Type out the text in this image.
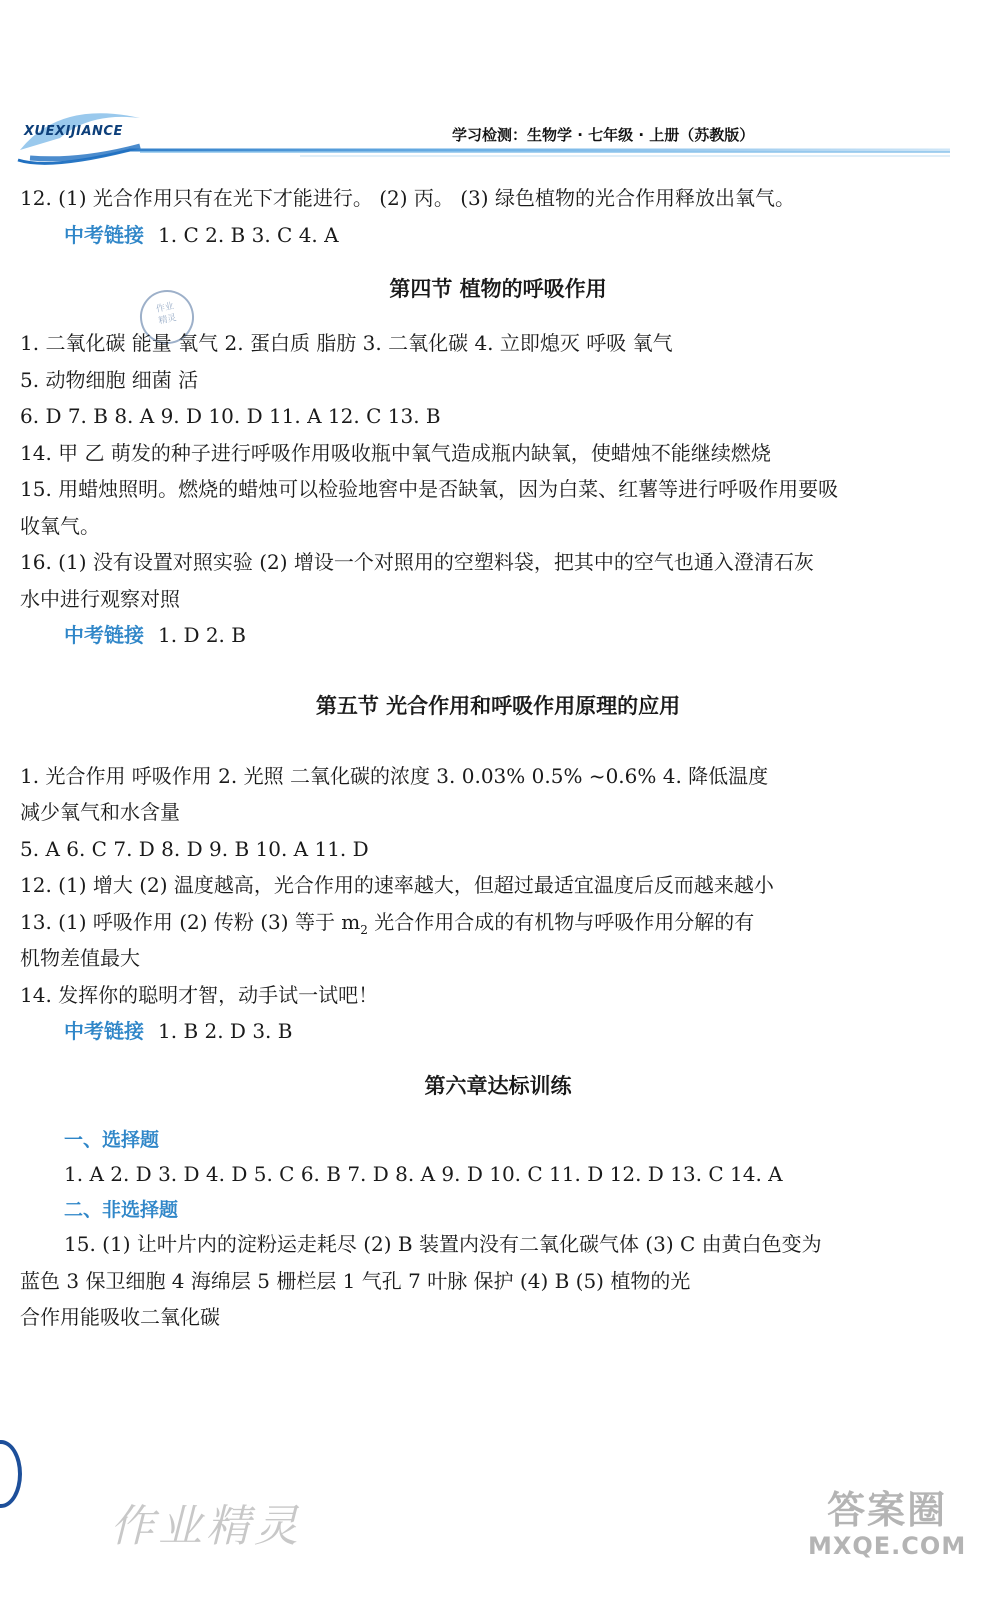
XUEXIJIANCE	学习检测：生物学 · 七年级 · 上册（苏教版）
作业
精灵
12. (1) 光合作用只有在光下才能进行。 (2) 丙。 (3) 绿色植物的光合作用释放出氧气。
中考链接 1. C 2. B 3. C 4. A
第四节 植物的呼吸作用
1. 二氧化碳 能量 氧气 2. 蛋白质 脂肪 3. 二氧化碳 4. 立即熄灭 呼吸 氧气
5. 动物细胞 细菌 活
6. D 7. B 8. A 9. D 10. D 11. A 12. C 13. B
14. 甲 乙 萌发的种子进行呼吸作用吸收瓶中氧气造成瓶内缺氧，使蜡烛不能继续燃烧
15. 用蜡烛照明。燃烧的蜡烛可以检验地窖中是否缺氧，因为白菜、红薯等进行呼吸作用要吸
收氧气。
16. (1) 没有设置对照实验 (2) 增设一个对照用的空塑料袋，把其中的空气也通入澄清石灰
水中进行观察对照
中考链接 1. D 2. B
第五节 光合作用和呼吸作用原理的应用
1. 光合作用 呼吸作用 2. 光照 二氧化碳的浓度 3. 0.03% 0.5% ~0.6% 4. 降低温度
减少氧气和水含量
5. A 6. C 7. D 8. D 9. B 10. A 11. D
12. (1) 增大 (2) 温度越高，光合作用的速率越大，但超过最适宜温度后反而越来越小
13. (1) 呼吸作用 (2) 传粉 (3) 等于 $m_2$ 光合作用合成的有机物与呼吸作用分解的有
机物差值最大
14. 发挥你的聪明才智，动手试一试吧！
中考链接 1. B 2. D 3. B
第六章达标训练
一、选择题
1. A 2. D 3. D 4. D 5. C 6. B 7. D 8. A 9. D 10. C 11. D 12. D 13. C 14. A
二、非选择题
15. (1) 让叶片内的淀粉运走耗尽 (2) B 装置内没有二氧化碳气体 (3) C 由黄白色变为
蓝色 3 保卫细胞 4 海绵层 5 栅栏层 1 气孔 7 叶脉 保护 (4) B (5) 植物的光
合作用能吸收二氧化碳
作业精灵	答案圈
MXQE.COM
